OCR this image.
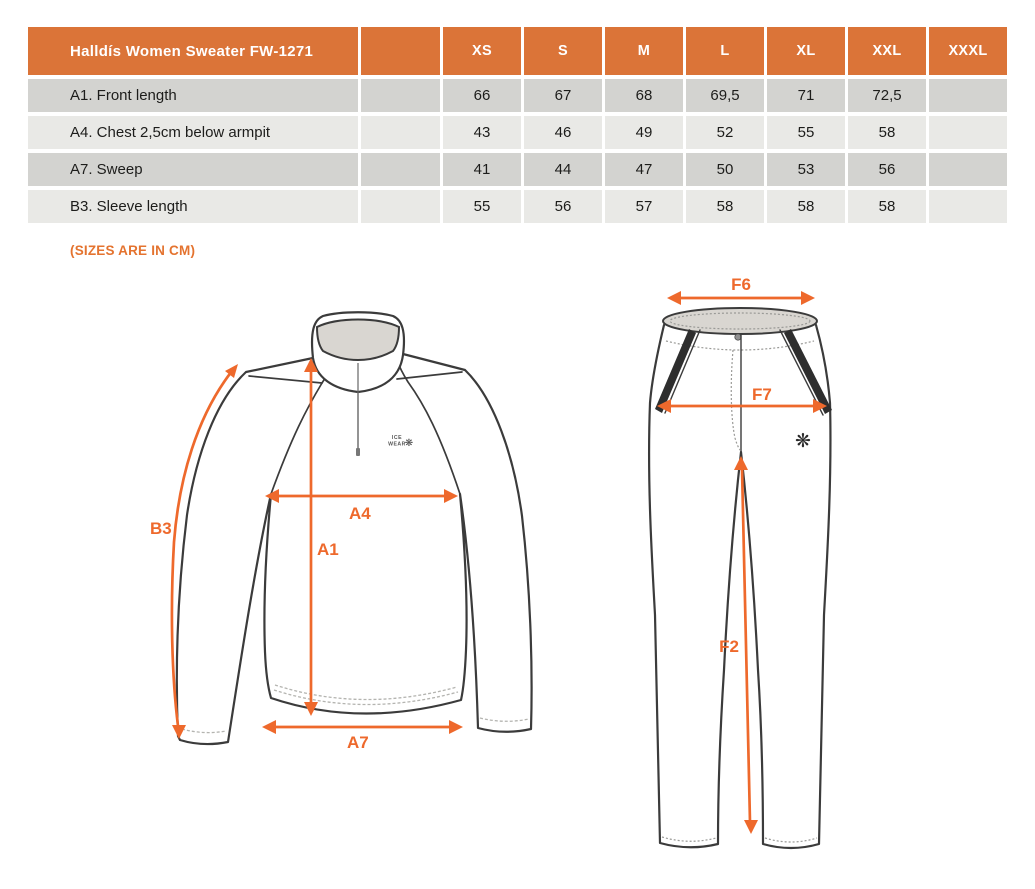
Halldís Women Sweater FW-1271	XS	S	M	L	XL	XXL	XXXL
A1. Front length	66	67	68	69,5	71	72,5
A4. Chest 2,5cm below armpit	43	46	49	52	55	58
A7. Sweep	41	44	47	50	53	56
B3. Sleeve length	55	56	57	58	58	58
(SIZES ARE IN CM)
ICE
WEAR
❋
B3
A4
A1
A7
❋
F6
F7
F2
